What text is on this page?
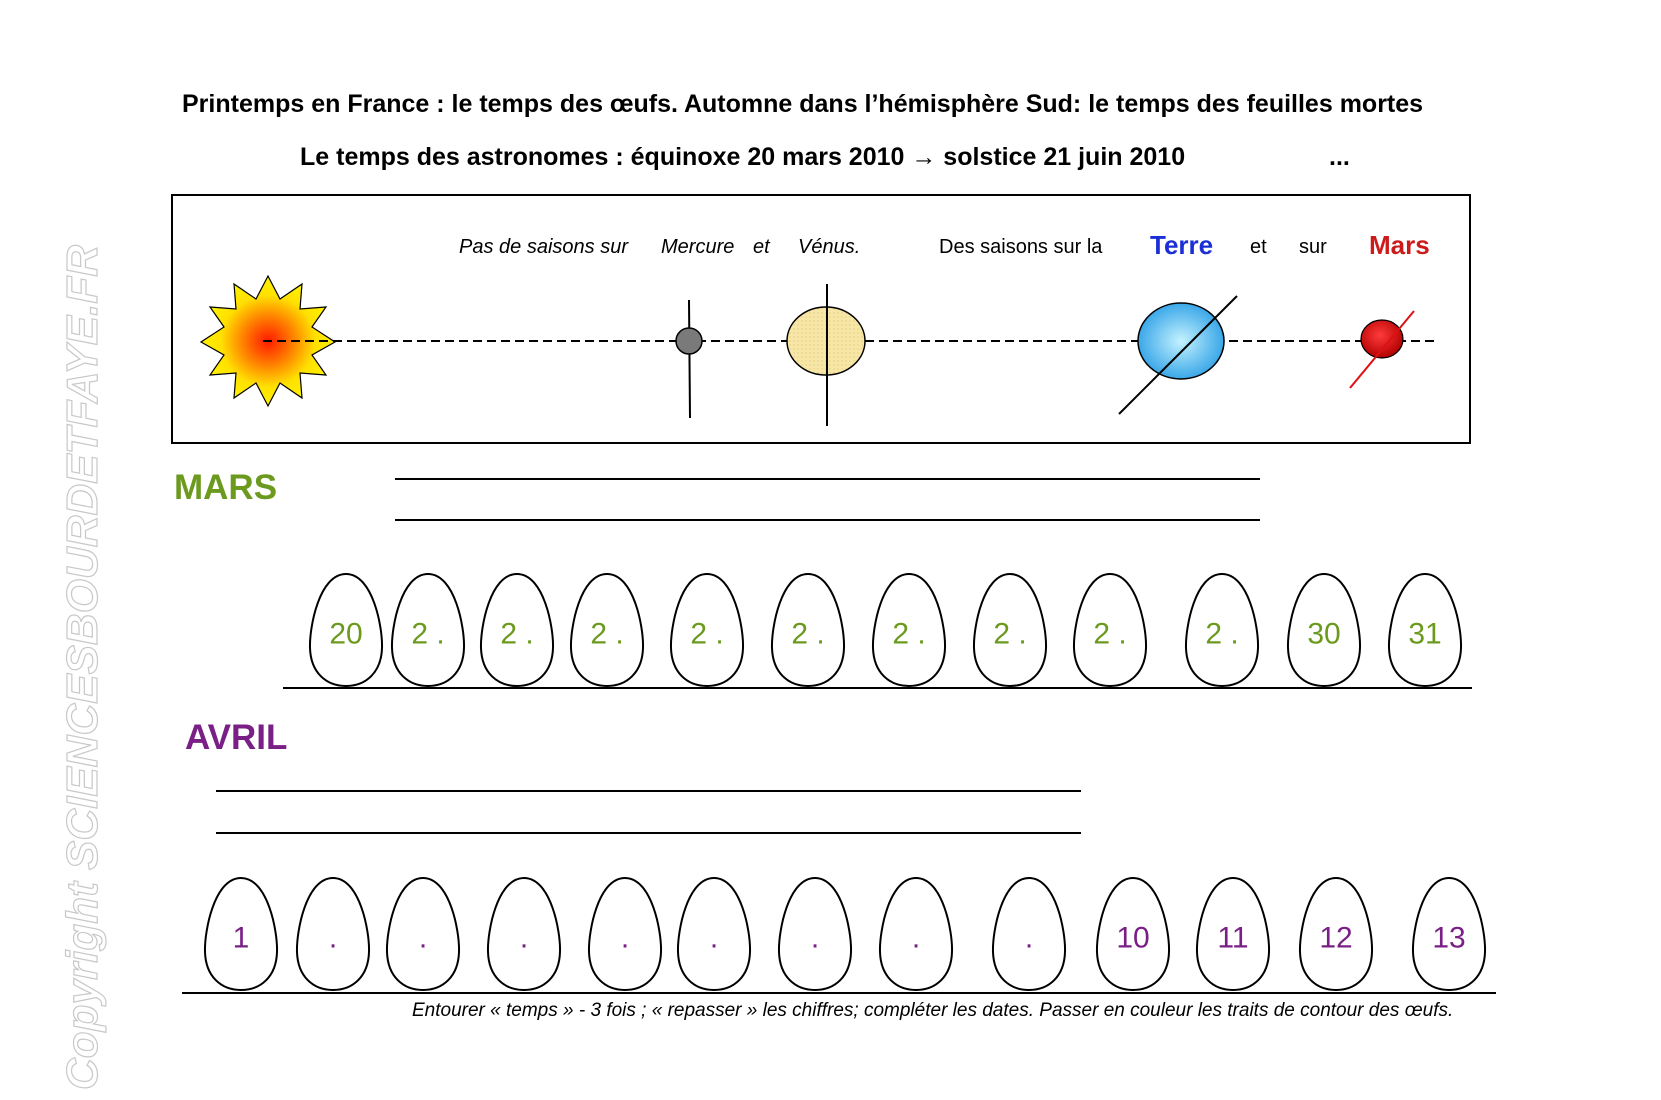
Copyright SCIENCESBOURDETFAYE.FR
Printemps en France : le temps des œufs. Automne dans l’hémisphère Sud: le temps des feuilles mortes
Le temps des astronomes : équinoxe 20 mars 2010 → solstice 21 juin 2010	...
Pas de saisons sur Mercure et Vénus.	Des saisons sur la Terre et sur Mars
MARS
AVRIL
20 2 . 2 . 2 . 2 . 2 . 2 . 2 . 2 .	2 . 30 31
1	.	.	.	.	.	.	.	.	10 11 12	13
Entourer « temps » - 3 fois ; « repasser » les chiffres; compléter les dates. Passer en couleur les traits de contour des œufs.
